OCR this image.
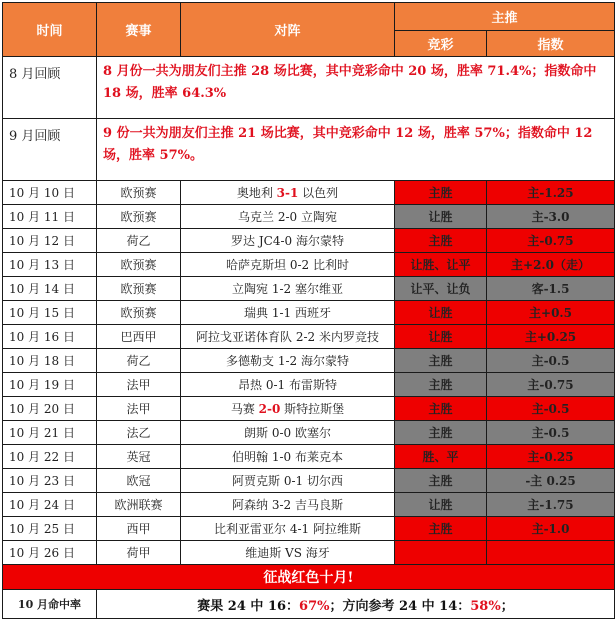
时间	赛事	对阵	主推	
			竞彩	指数
8 月回顾	8 月份一共为朋友们主推 28 场比赛，其中竞彩命中 20 场，胜率 71.4%；指数命中 18 场，胜率 64.3%			
9 月回顾	9 份一共为朋友们主推 21 场比赛，其中竞彩命中 12 场，胜率 57%；指数命中 12 场，胜率 57%。			
10 月 10 日	欧预赛	奥地利 3-1 以色列	主胜	主-1.25
10 月 11 日	欧预赛	乌克兰 2-0 立陶宛	让胜	主-3.0
10 月 12 日	荷乙	罗达 JC4-0 海尔蒙特	主胜	主-0.75
10 月 13 日	欧预赛	哈萨克斯坦 0-2 比利时	让胜、让平	主+2.0（走）
10 月 14 日	欧预赛	立陶宛 1-2 塞尔维亚	让平、让负	客-1.5
10 月 15 日	欧预赛	瑞典 1-1 西班牙	让胜	主+0.5
10 月 16 日	巴西甲	阿拉戈亚诺体育队 2-2 米内罗竞技	让胜	主+0.25
10 月 18 日	荷乙	多德勒支 1-2 海尔蒙特	主胜	主-0.5
10 月 19 日	法甲	昂热 0-1 布雷斯特	主胜	主-0.75
10 月 20 日	法甲	马赛 2-0 斯特拉斯堡	主胜	主-0.5
10 月 21 日	法乙	朗斯 0-0 欧塞尔	主胜	主-0.5
10 月 22 日	英冠	伯明翰 1-0 布莱克本	胜、平	主-0.25
10 月 23 日	欧冠	阿贾克斯 0-1 切尔西	主胜	-主 0.25
10 月 24 日	欧洲联赛	阿森纳 3-2 吉马良斯	让胜	主-1.75
10 月 25 日	西甲	比利亚雷亚尔 4-1 阿拉维斯	主胜	主-1.0
10 月 26 日	荷甲	维迪斯 VS 海牙		
征战红色十月!				
10 月命中率	赛果 24 中 16：67%；方向参考 24 中 14：58%；			
